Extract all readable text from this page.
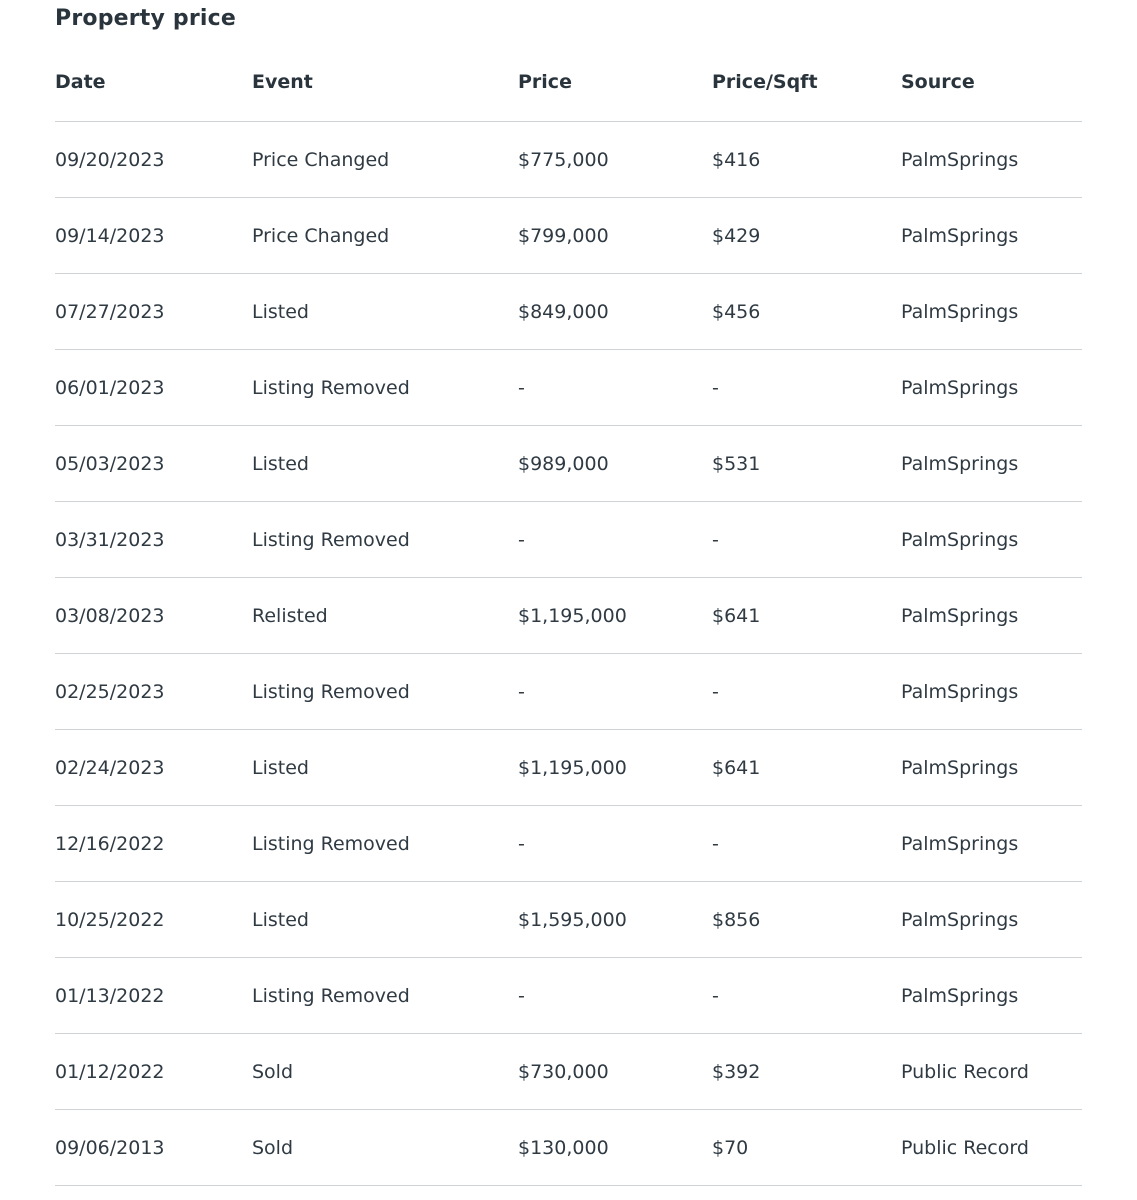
Property price
Date	Event	Price	Price/Sqft	Source
09/20/2023	Price Changed	$775,000	$416	PalmSprings
09/14/2023	Price Changed	$799,000	$429	PalmSprings
07/27/2023	Listed	$849,000	$456	PalmSprings
06/01/2023	Listing Removed	-	-	PalmSprings
05/03/2023	Listed	$989,000	$531	PalmSprings
03/31/2023	Listing Removed	-	-	PalmSprings
03/08/2023	Relisted	$1,195,000	$641	PalmSprings
02/25/2023	Listing Removed	-	-	PalmSprings
02/24/2023	Listed	$1,195,000	$641	PalmSprings
12/16/2022	Listing Removed	-	-	PalmSprings
10/25/2022	Listed	$1,595,000	$856	PalmSprings
01/13/2022	Listing Removed	-	-	PalmSprings
01/12/2022	Sold	$730,000	$392	Public Record
09/06/2013	Sold	$130,000	$70	Public Record
